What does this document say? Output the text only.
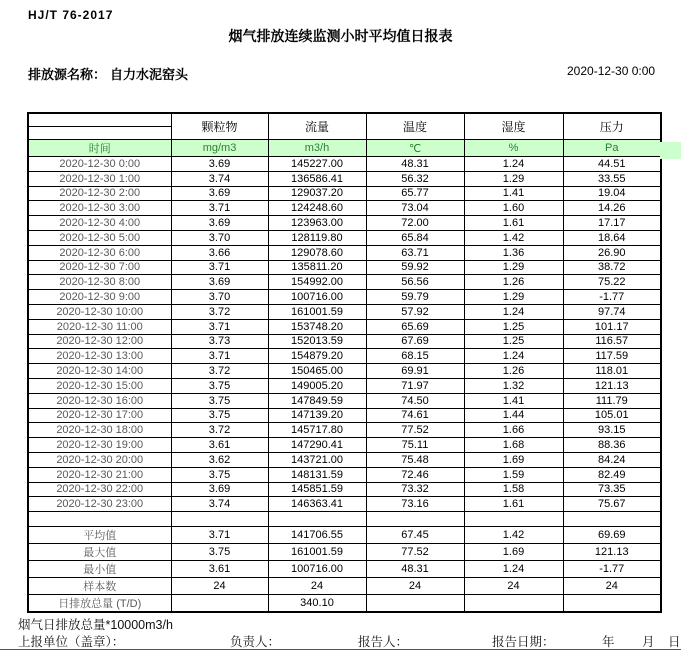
HJ/T 76-2017
烟气排放连续监测小时平均值日报表
排放源名称： 自力水泥窑头	2020-12-30 0:00
	颗粒物	流量	温度	湿度	压力

时间	mg/m3	m3/h	℃	%	Pa
2020-12-30 0:00	3.69	145227.00	48.31	1.24	44.51
2020-12-30 1:00	3.74	136586.41	56.32	1.29	33.55
2020-12-30 2:00	3.69	129037.20	65.77	1.41	19.04
2020-12-30 3:00	3.71	124248.60	73.04	1.60	14.26
2020-12-30 4:00	3.69	123963.00	72.00	1.61	17.17
2020-12-30 5:00	3.70	128119.80	65.84	1.42	18.64
2020-12-30 6:00	3.66	129078.60	63.71	1.36	26.90
2020-12-30 7:00	3.71	135811.20	59.92	1.29	38.72
2020-12-30 8:00	3.69	154992.00	56.56	1.26	75.22
2020-12-30 9:00	3.70	100716.00	59.79	1.29	-1.77
2020-12-30 10:00	3.72	161001.59	57.92	1.24	97.74
2020-12-30 11:00	3.71	153748.20	65.69	1.25	101.17
2020-12-30 12:00	3.73	152013.59	67.69	1.25	116.57
2020-12-30 13:00	3.71	154879.20	68.15	1.24	117.59
2020-12-30 14:00	3.72	150465.00	69.91	1.26	118.01
2020-12-30 15:00	3.75	149005.20	71.97	1.32	121.13
2020-12-30 16:00	3.75	147849.59	74.50	1.41	111.79
2020-12-30 17:00	3.75	147139.20	74.61	1.44	105.01
2020-12-30 18:00	3.72	145717.80	77.52	1.66	93.15
2020-12-30 19:00	3.61	147290.41	75.11	1.68	88.36
2020-12-30 20:00	3.62	143721.00	75.48	1.69	84.24
2020-12-30 21:00	3.75	148131.59	72.46	1.59	82.49
2020-12-30 22:00	3.69	145851.59	73.32	1.58	73.35
2020-12-30 23:00	3.74	146363.41	73.16	1.61	75.67

平均值	3.71	141706.55	67.45	1.42	69.69
最大值	3.75	161001.59	77.52	1.69	121.13
最小值	3.61	100716.00	48.31	1.24	-1.77
样本数	24	24	24	24	24
日排放总量 (T/D)		340.10			
烟气日排放总量*10000m3/h
上报单位（盖章）：	负责人：	报告人：	报告日期：	年 月 日
